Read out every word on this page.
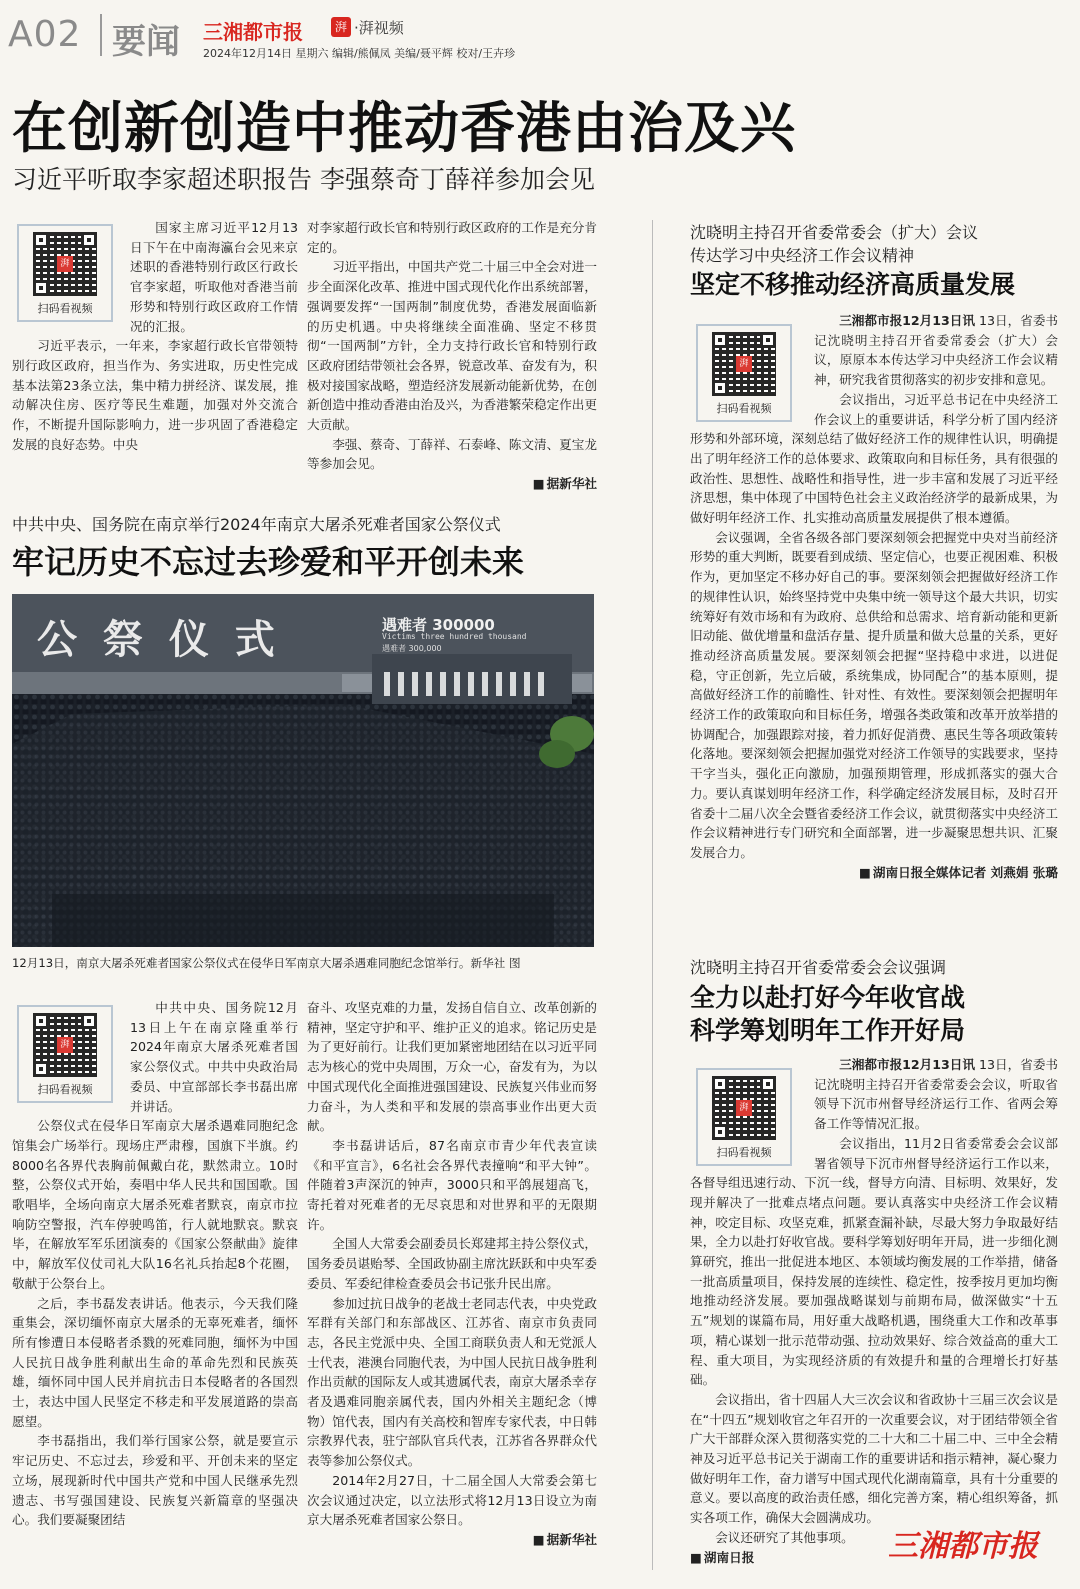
A02 要闻 三湘都市报	湃 ·湃视频
2024年12月14日 星期六 编辑/熊佩凤 美编/聂平辉 校对/王卉珍
在创新创造中推动香港由治及兴
习近平听取李家超述职报告 李强蔡奇丁薛祥参加会见
湃
扫码看视频

国家主席习近平12月13日下午在中南海瀛台会见来京述职的香港特别行政区行政长官李家超，听取他对香港当前形势和特别行政区政府工作情况的汇报。

习近平表示，一年来，李家超行政长官带领特别行政区政府，担当作为、务实进取，历史性完成基本法第23条立法，集中精力拼经济、谋发展，推动解决住房、医疗等民生难题，加强对外交流合作，不断提升国际影响力，进一步巩固了香港稳定发展的良好态势。中央

对李家超行政长官和特别行政区政府的工作是充分肯定的。

习近平指出，中国共产党二十届三中全会对进一步全面深化改革、推进中国式现代化作出系统部署，强调要发挥“一国两制”制度优势，香港发展面临新的历史机遇。中央将继续全面准确、坚定不移贯彻“一国两制”方针，全力支持行政长官和特别行政区政府团结带领社会各界，锐意改革、奋发有为，积极对接国家战略，塑造经济发展新动能新优势，在创新创造中推动香港由治及兴，为香港繁荣稳定作出更大贡献。

李强、蔡奇、丁薛祥、石泰峰、陈文清、夏宝龙等参加会见。

■ 据新华社
中共中央、国务院在南京举行2024年南京大屠杀死难者国家公祭仪式
牢记历史不忘过去珍爱和平开创未来
公 祭 仪 式	遇难者 300000
Victims three hundred thousand
遇难者 300,000
12月13日，南京大屠杀死难者国家公祭仪式在侵华日军南京大屠杀遇难同胞纪念馆举行。新华社 图
湃
扫码看视频

中共中央、国务院12月13日上午在南京隆重举行2024年南京大屠杀死难者国家公祭仪式。中共中央政治局委员、中宣部部长李书磊出席并讲话。

公祭仪式在侵华日军南京大屠杀遇难同胞纪念馆集会广场举行。现场庄严肃穆，国旗下半旗。约8000名各界代表胸前佩戴白花，默然肃立。10时整，公祭仪式开始，奏唱中华人民共和国国歌。国歌唱毕，全场向南京大屠杀死难者默哀，南京市拉响防空警报，汽车停驶鸣笛，行人就地默哀。默哀毕，在解放军军乐团演奏的《国家公祭献曲》旋律中，解放军仪仗司礼大队16名礼兵抬起8个花圈，敬献于公祭台上。

之后，李书磊发表讲话。他表示，今天我们隆重集会，深切缅怀南京大屠杀的无辜死难者，缅怀所有惨遭日本侵略者杀戮的死难同胞，缅怀为中国人民抗日战争胜利献出生命的革命先烈和民族英雄，缅怀同中国人民并肩抗击日本侵略者的各国烈士，表达中国人民坚定不移走和平发展道路的崇高愿望。

李书磊指出，我们举行国家公祭，就是要宣示牢记历史、不忘过去，珍爱和平、开创未来的坚定立场，展现新时代中国共产党和中国人民继承先烈遗志、书写强国建设、民族复兴新篇章的坚强决心。我们要凝聚团结

奋斗、攻坚克难的力量，发扬自信自立、改革创新的精神，坚定守护和平、维护正义的追求。铭记历史是为了更好前行。让我们更加紧密地团结在以习近平同志为核心的党中央周围，万众一心，奋发有为，为以中国式现代化全面推进强国建设、民族复兴伟业而努力奋斗，为人类和平和发展的崇高事业作出更大贡献。

李书磊讲话后，87名南京市青少年代表宣读《和平宣言》，6名社会各界代表撞响“和平大钟”。伴随着3声深沉的钟声，3000只和平鸽展翅高飞，寄托着对死难者的无尽哀思和对世界和平的无限期许。

全国人大常委会副委员长郑建邦主持公祭仪式，国务委员谌贻琴、全国政协副主席沈跃跃和中央军委委员、军委纪律检查委员会书记张升民出席。

参加过抗日战争的老战士老同志代表，中央党政军群有关部门和东部战区、江苏省、南京市负责同志，各民主党派中央、全国工商联负责人和无党派人士代表，港澳台同胞代表，为中国人民抗日战争胜利作出贡献的国际友人或其遗属代表，南京大屠杀幸存者及遇难同胞亲属代表，国内外相关主题纪念（博物）馆代表，国内有关高校和智库专家代表，中日韩宗教界代表，驻宁部队官兵代表，江苏省各界群众代表等参加公祭仪式。

2014年2月27日，十二届全国人大常委会第七次会议通过决定，以立法形式将12月13日设立为南京大屠杀死难者国家公祭日。

■ 据新华社
沈晓明主持召开省委常委会（扩大）会议
传达学习中央经济工作会议精神
坚定不移推动经济高质量发展
湃
扫码看视频

三湘都市报12月13日讯 13日，省委书记沈晓明主持召开省委常委会（扩大）会议，原原本本传达学习中央经济工作会议精神，研究我省贯彻落实的初步安排和意见。

会议指出，习近平总书记在中央经济工作会议上的重要讲话，科学分析了国内经济形势和外部环境，深刻总结了做好经济工作的规律性认识，明确提出了明年经济工作的总体要求、政策取向和目标任务，具有很强的政治性、思想性、战略性和指导性，进一步丰富和发展了习近平经济思想，集中体现了中国特色社会主义政治经济学的最新成果，为做好明年经济工作、扎实推动高质量发展提供了根本遵循。

会议强调，全省各级各部门要深刻领会把握党中央对当前经济形势的重大判断，既要看到成绩、坚定信心，也要正视困难、积极作为，更加坚定不移办好自己的事。要深刻领会把握做好经济工作的规律性认识，始终坚持党中央集中统一领导这个最大共识，切实统筹好有效市场和有为政府、总供给和总需求、培育新动能和更新旧动能、做优增量和盘活存量、提升质量和做大总量的关系，更好推动经济高质量发展。要深刻领会把握“坚持稳中求进，以进促稳，守正创新，先立后破，系统集成，协同配合”的基本原则，提高做好经济工作的前瞻性、针对性、有效性。要深刻领会把握明年经济工作的政策取向和目标任务，增强各类政策和改革开放举措的协调配合，加强跟踪对接，着力抓好促消费、惠民生等各项政策转化落地。要深刻领会把握加强党对经济工作领导的实践要求，坚持干字当头，强化正向激励，加强预期管理，形成抓落实的强大合力。要认真谋划明年经济工作，科学确定经济发展目标，及时召开省委十二届八次全会暨省委经济工作会议，就贯彻落实中央经济工作会议精神进行专门研究和全面部署，进一步凝聚思想共识、汇聚发展合力。

■ 湖南日报全媒体记者 刘燕娟 张璐
沈晓明主持召开省委常委会会议强调
全力以赴打好今年收官战
科学筹划明年工作开好局
湃
扫码看视频

三湘都市报12月13日讯 13日，省委书记沈晓明主持召开省委常委会会议，听取省领导下沉市州督导经济运行工作、省两会筹备工作等情况汇报。

会议指出，11月2日省委常委会会议部署省领导下沉市州督导经济运行工作以来，各督导组迅速行动、下沉一线，督导方向清、目标明、效果好，发现并解决了一批难点堵点问题。要认真落实中央经济工作会议精神，咬定目标、攻坚克难，抓紧查漏补缺，尽最大努力争取最好结果，全力以赴打好收官战。要科学筹划好明年开局，进一步细化测算研究，推出一批促进本地区、本领域均衡发展的工作举措，储备一批高质量项目，保持发展的连续性、稳定性，按季按月更加均衡地推动经济发展。要加强战略谋划与前期布局，做深做实“十五五”规划的谋篇布局，用好重大战略机遇，围绕重大工作和改革事项，精心谋划一批示范带动强、拉动效果好、综合效益高的重大工程、重大项目，为实现经济质的有效提升和量的合理增长打好基础。

会议指出，省十四届人大三次会议和省政协十三届三次会议是在“十四五”规划收官之年召开的一次重要会议，对于团结带领全省广大干部群众深入贯彻落实党的二十大和二十届二中、三中全会精神及习近平总书记关于湖南工作的重要讲话和指示精神，凝心聚力做好明年工作，奋力谱写中国式现代化湖南篇章，具有十分重要的意义。要以高度的政治责任感，细化完善方案，精心组织筹备，抓实各项工作，确保大会圆满成功。

会议还研究了其他事项。

■ 湖南日报	三湘都市报
